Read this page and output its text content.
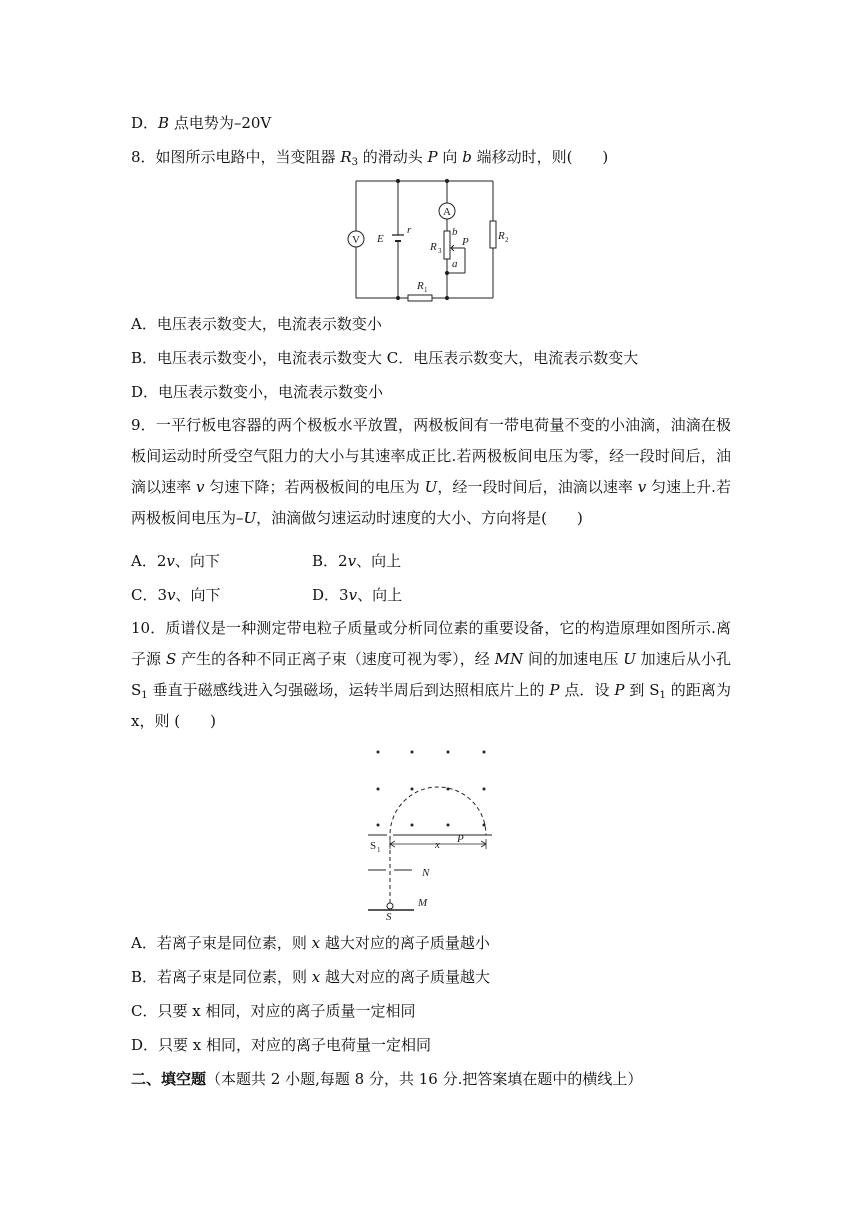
D．B 点电势为–20V
8．如图所示电路中，当变阻器 $R_3$ 的滑动头 P 向 b 端移动时，则(　　)
V
A
E
r
R 3
b
a
P	R 2
R 1
A．电压表示数变大，电流表示数变小
B．电压表示数变小，电流表示数变大 C．电压表示数变大，电流表示数变大
D．电压表示数变小，电流表示数变小
9．一平行板电容器的两个极板水平放置，两极板间有一带电荷量不变的小油滴，油滴在极板间运动时所受空气阻力的大小与其速率成正比.若两极板间电压为零，经一段时间后，油滴以速率 v 匀速下降；若两极板间的电压为 U，经一段时间后，油滴以速率 v 匀速上升.若两极板间电压为–U，油滴做匀速运动时速度的大小、方向将是(　　)
A．2v、向下	B．2v、向上
C．3v、向下	D．3v、向上
10．质谱仪是一种测定带电粒子质量或分析同位素的重要设备，它的构造原理如图所示.离子源 S 产生的各种不同正离子束（速度可视为零），经 MN 间的加速电压 U 加速后从小孔 $S_1$ 垂直于磁感线进入匀强磁场，运转半周后到达照相底片上的 P 点．设 P 到 $S_1$ 的距离为 x，则 (　　)
S 1	x P
N
M
S
A．若离子束是同位素，则 x 越大对应的离子质量越小
B．若离子束是同位素，则 x 越大对应的离子质量越大
C．只要 x 相同，对应的离子质量一定相同
D．只要 x 相同，对应的离子电荷量一定相同
二、填空题（本题共 2 小题,每题 8 分，共 16 分.把答案填在题中的横线上）
